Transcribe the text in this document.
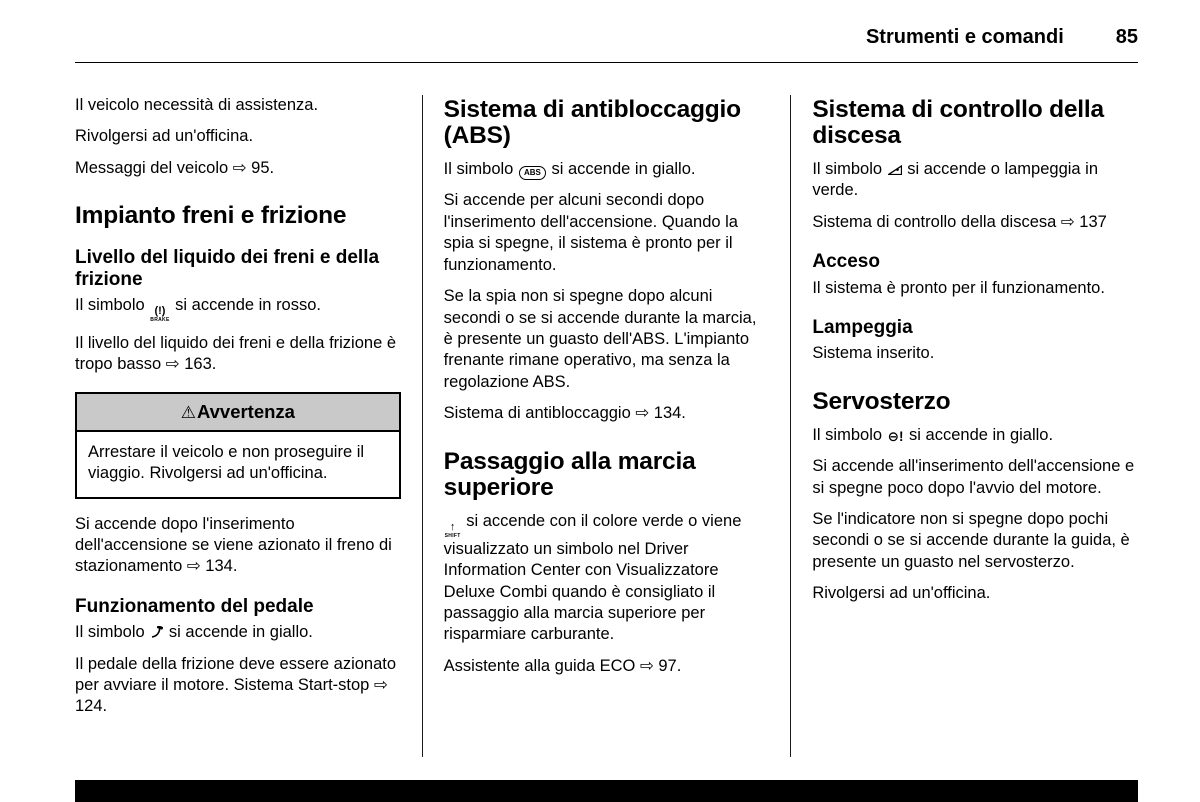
Strumenti e comandi	85

Il veicolo necessità di assistenza.

Rivolgersi ad un'officina.

Messaggi del veicolo ⇨ 95.

Impianto freni e frizione
Livello del liquido dei freni e della frizione

Il simbolo (!)
BRAKE
si accende in rosso.

Il livello del liquido dei freni e della frizione è tropo basso ⇨ 163.

⚠Avvertenza
Arrestare il veicolo e non proseguire il viaggio. Rivolgersi ad un'officina.

Si accende dopo l'inserimento dell'accensione se viene azionato il freno di stazionamento ⇨ 134.

Funzionamento del pedale

Il simbolo si accende in giallo.

Il pedale della frizione deve essere azionato per avviare il motore. Sistema Start-stop ⇨ 124.

Sistema di antibloccaggio (ABS)

Il simbolo ABS si accende in giallo.

Si accende per alcuni secondi dopo l'inserimento dell'accensione. Quando la spia si spegne, il sistema è pronto per il funzionamento.

Se la spia non si spegne dopo alcuni secondi o se si accende durante la marcia, è presente un guasto dell'ABS. L'impianto frenante rimane operativo, ma senza la regolazione ABS.

Sistema di antibloccaggio ⇨ 134.

Passaggio alla marcia superiore

↑
SHIFT
si accende con il colore verde o viene visualizzato un simbolo nel Driver Information Center con Visualizzatore Deluxe Combi quando è consigliato il passaggio alla marcia superiore per risparmiare carburante.

Assistente alla guida ECO ⇨ 97.

Sistema di controllo della discesa

Il simbolo si accende o lampeggia in verde.

Sistema di controllo della discesa ⇨ 137

Acceso

Il sistema è pronto per il funzionamento.

Lampeggia

Sistema inserito.

Servosterzo

Il simbolo ⊖! si accende in giallo.

Si accende all'inserimento dell'accensione e si spegne poco dopo l'avvio del motore.

Se l'indicatore non si spegne dopo pochi secondi o se si accende durante la guida, è presente un guasto nel servosterzo.

Rivolgersi ad un'officina.
